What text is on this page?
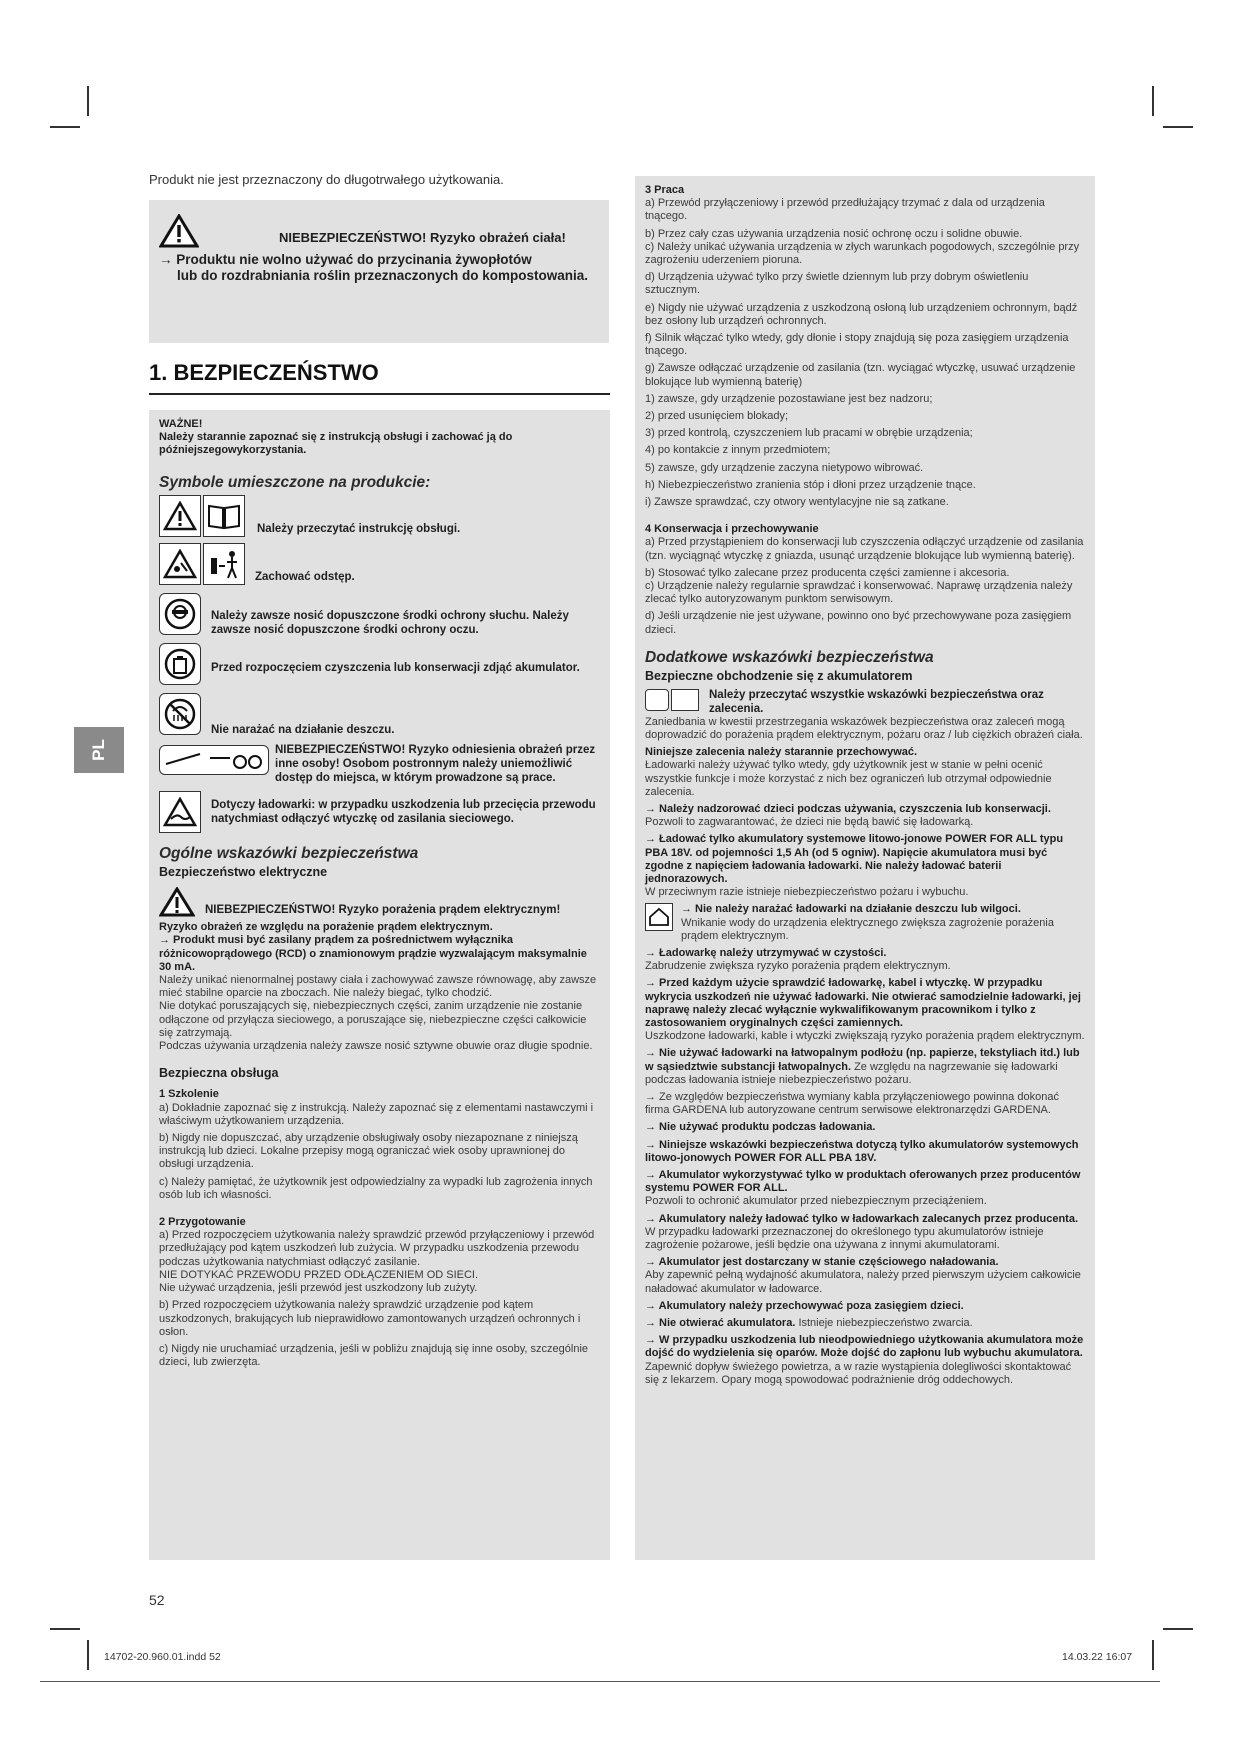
PL
Produkt nie jest przeznaczony do długotrwałego użytkowania.
NIEBEZPIECZEŃSTWO! Ryzyko obrażeń ciała!
→ Produktu nie wolno używać do przycinania żywopłotów
lub do rozdrabniania roślin przeznaczonych do kompostowania.
1. BEZPIECZEŃSTWO

WAŻNE!

Należy starannie zapoznać się z instrukcją obsługi i zachować ją do późniejszegowykorzystania.

Symbole umieszczone na produkcie:

Należy przeczytać instrukcję obsługi.
Zachować odstęp.
Należy zawsze nosić dopuszczone środki ochrony słuchu. Należy zawsze nosić dopuszczone środki ochrony oczu.
Przed rozpoczęciem czyszczenia lub konserwacji zdjąć akumulator.
Nie narażać na działanie deszczu.
NIEBEZPIECZEŃSTWO! Ryzyko odniesienia obrażeń przez inne osoby! Osobom postronnym należy uniemożliwić dostęp do miejsca, w którym prowadzone są prace.
Dotyczy ładowarki: w przypadku uszkodzenia lub przecięcia przewodu natychmiast odłączyć wtyczkę od zasilania sieciowego.

Ogólne wskazówki bezpieczeństwa

Bezpieczeństwo elektryczne

NIEBEZPIECZEŃSTWO! Ryzyko porażenia prądem elektrycznym!

Ryzyko obrażeń ze względu na porażenie prądem elektrycznym.

→ Produkt musi być zasilany prądem za pośrednictwem wyłącznika różnicowoprądowego (RCD) o znamionowym prądzie wyzwalającym maksymalnie 30 mA.

Należy unikać nienormalnej postawy ciała i zachowywać zawsze równowagę, aby zawsze mieć stabilne oparcie na zboczach. Nie należy biegać, tylko chodzić.

Nie dotykać poruszających się, niebezpiecznych części, zanim urządzenie nie zostanie odłączone od przyłącza sieciowego, a poruszające się, niebezpieczne części całkowicie się zatrzymają.

Podczas używania urządzenia należy zawsze nosić sztywne obuwie oraz długie spodnie.

Bezpieczna obsługa

1 Szkolenie

a) Dokładnie zapoznać się z instrukcją. Należy zapoznać się z elementami nastawczymi i właściwym użytkowaniem urządzenia.

b) Nigdy nie dopuszczać, aby urządzenie obsługiwały osoby niezapoznane z niniejszą instrukcją lub dzieci. Lokalne przepisy mogą ograniczać wiek osoby uprawnionej do obsługi urządzenia.

c) Należy pamiętać, że użytkownik jest odpowiedzialny za wypadki lub zagrożenia innych osób lub ich własności.

2 Przygotowanie

a) Przed rozpoczęciem użytkowania należy sprawdzić przewód przyłączeniowy i przewód przedłużający pod kątem uszkodzeń lub zużycia. W przypadku uszkodzenia przewodu podczas użytkowania natychmiast odłączyć zasilanie.

NIE DOTYKAĆ PRZEWODU PRZED ODŁĄCZENIEM OD SIECI.

Nie używać urządzenia, jeśli przewód jest uszkodzony lub zużyty.

b) Przed rozpoczęciem użytkowania należy sprawdzić urządzenie pod kątem uszkodzonych, brakujących lub nieprawidłowo zamontowanych urządzeń ochronnych i osłon.

c) Nigdy nie uruchamiać urządzenia, jeśli w pobliżu znajdują się inne osoby, szczególnie dzieci, lub zwierzęta.

3 Praca

a) Przewód przyłączeniowy i przewód przedłużający trzymać z dala od urządzenia tnącego.

b) Przez cały czas używania urządzenia nosić ochronę oczu i solidne obuwie.

c) Należy unikać używania urządzenia w złych warunkach pogodowych, szczególnie przy zagrożeniu uderzeniem pioruna.

d) Urządzenia używać tylko przy świetle dziennym lub przy dobrym oświetleniu sztucznym.

e) Nigdy nie używać urządzenia z uszkodzoną osłoną lub urządzeniem ochronnym, bądź bez osłony lub urządzeń ochronnych.

f) Silnik włączać tylko wtedy, gdy dłonie i stopy znajdują się poza zasięgiem urządzenia tnącego.

g) Zawsze odłączać urządzenie od zasilania (tzn. wyciągać wtyczkę, usuwać urządzenie blokujące lub wymienną baterię)

1) zawsze, gdy urządzenie pozostawiane jest bez nadzoru;

2) przed usunięciem blokady;

3) przed kontrolą, czyszczeniem lub pracami w obrębie urządzenia;

4) po kontakcie z innym przedmiotem;

5) zawsze, gdy urządzenie zaczyna nietypowo wibrować.

h) Niebezpieczeństwo zranienia stóp i dłoni przez urządzenie tnące.

i) Zawsze sprawdzać, czy otwory wentylacyjne nie są zatkane.

4 Konserwacja i przechowywanie

a) Przed przystąpieniem do konserwacji lub czyszczenia odłączyć urządzenie od zasilania (tzn. wyciągnąć wtyczkę z gniazda, usunąć urządzenie blokujące lub wymienną baterię).

b) Stosować tylko zalecane przez producenta części zamienne i akcesoria.

c) Urządzenie należy regularnie sprawdzać i konserwować. Naprawę urządzenia należy zlecać tylko autoryzowanym punktom serwisowym.

d) Jeśli urządzenie nie jest używane, powinno ono być przechowywane poza zasięgiem dzieci.

Dodatkowe wskazówki bezpieczeństwa

Bezpieczne obchodzenie się z akumulatorem

Należy przeczytać wszystkie wskazówki bezpieczeństwa oraz zalecenia.

Zaniedbania w kwestii przestrzegania wskazówek bezpieczeństwa oraz zaleceń mogą doprowadzić do porażenia prądem elektrycznym, pożaru oraz / lub ciężkich obrażeń ciała.

Niniejsze zalecenia należy starannie przechowywać.

Ładowarki należy używać tylko wtedy, gdy użytkownik jest w stanie w pełni ocenić wszystkie funkcje i może korzystać z nich bez ograniczeń lub otrzymał odpowiednie zalecenia.

→ Należy nadzorować dzieci podczas używania, czyszczenia lub konserwacji. Pozwoli to zagwarantować, że dzieci nie będą bawić się ładowarką.

→ Ładować tylko akumulatory systemowe litowo-jonowe POWER FOR ALL typu PBA 18V. od pojemności 1,5 Ah (od 5 ogniw). Napięcie akumulatora musi być zgodne z napięciem ładowania ładowarki. Nie należy ładować baterii jednorazowych.

W przeciwnym razie istnieje niebezpieczeństwo pożaru i wybuchu.

→ Nie należy narażać ładowarki na działanie deszczu lub wilgoci.

Wnikanie wody do urządzenia elektrycznego zwiększa zagrożenie porażenia prądem elektrycznym.

→ Ładowarkę należy utrzymywać w czystości.

Zabrudzenie zwiększa ryzyko porażenia prądem elektrycznym.

→ Przed każdym użycie sprawdzić ładowarkę, kabel i wtyczkę. W przypadku wykrycia uszkodzeń nie używać ładowarki. Nie otwierać samodzielnie ładowarki, jej naprawę należy zlecać wyłącznie wykwalifikowanym pracownikom i tylko z zastosowaniem oryginalnych części zamiennych.

Uszkodzone ładowarki, kable i wtyczki zwiększają ryzyko porażenia prądem elektrycznym.

→ Nie używać ładowarki na łatwopalnym podłożu (np. papierze, tekstyliach itd.) lub w sąsiedztwie substancji łatwopalnych. Ze względu na nagrzewanie się ładowarki podczas ładowania istnieje niebezpieczeństwo pożaru.

→ Ze względów bezpieczeństwa wymiany kabla przyłączeniowego powinna dokonać firma GARDENA lub autoryzowane centrum serwisowe elektronarzędzi GARDENA.

→ Nie używać produktu podczas ładowania.

→ Niniejsze wskazówki bezpieczeństwa dotyczą tylko akumulatorów systemowych litowo-jonowych POWER FOR ALL PBA 18V.

→ Akumulator wykorzystywać tylko w produktach oferowanych przez producentów systemu POWER FOR ALL.

Pozwoli to ochronić akumulator przed niebezpiecznym przeciążeniem.

→ Akumulatory należy ładować tylko w ładowarkach zalecanych przez producenta.

W przypadku ładowarki przeznaczonej do określonego typu akumulatorów istnieje zagrożenie pożarowe, jeśli będzie ona używana z innymi akumulatorami.

→ Akumulator jest dostarczany w stanie częściowego naładowania.

Aby zapewnić pełną wydajność akumulatora, należy przed pierwszym użyciem całkowicie naładować akumulator w ładowarce.

→ Akumulatory należy przechowywać poza zasięgiem dzieci.

→ Nie otwierać akumulatora. Istnieje niebezpieczeństwo zwarcia.

→ W przypadku uszkodzenia lub nieodpowiedniego użytkowania akumulatora może dojść do wydzielenia się oparów. Może dojść do zapłonu lub wybuchu akumulatora. Zapewnić dopływ świeżego powietrza, a w razie wystąpienia dolegliwości skontaktować się z lekarzem. Opary mogą spowodować podrażnienie dróg oddechowych.

52
14702-20.960.01.indd 52	14.03.22 16:07
